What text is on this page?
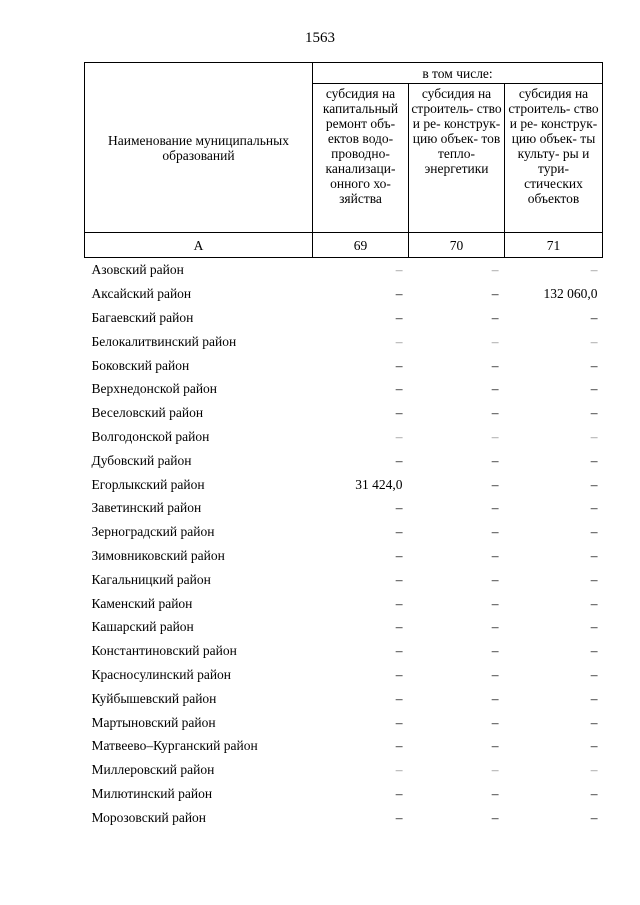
1563
Наименование муниципальных образований	в том числе:		
	субсидия на капитальный ремонт объ- ектов водо- проводно- канализаци- онного хо- зяйства	субсидия на строитель- ство и ре- конструк- цию объек- тов тепло- энергетики	субсидия на строитель- ство и ре- конструк- цию объек- ты культу- ры и тури- стических объектов
А	69	70	71
Азовский район	–	–	–
Аксайский район	–	–	132 060,0
Багаевский район	–	–	–
Белокалитвинский район	–	–	–
Боковский район	–	–	–
Верхнедонской район	–	–	–
Веселовский район	–	–	–
Волгодонской район	–	–	–
Дубовский район	–	–	–
Егорлыкский район	31 424,0	–	–
Заветинский район	–	–	–
Зерноградский район	–	–	–
Зимовниковский район	–	–	–
Кагальницкий район	–	–	–
Каменский район	–	–	–
Кашарский район	–	–	–
Константиновский район	–	–	–
Красносулинский район	–	–	–
Куйбышевский район	–	–	–
Мартыновский район	–	–	–
Матвеево–Курганский район	–	–	–
Миллеровский район	–	–	–
Милютинский район	–	–	–
Морозовский район	–	–	–
